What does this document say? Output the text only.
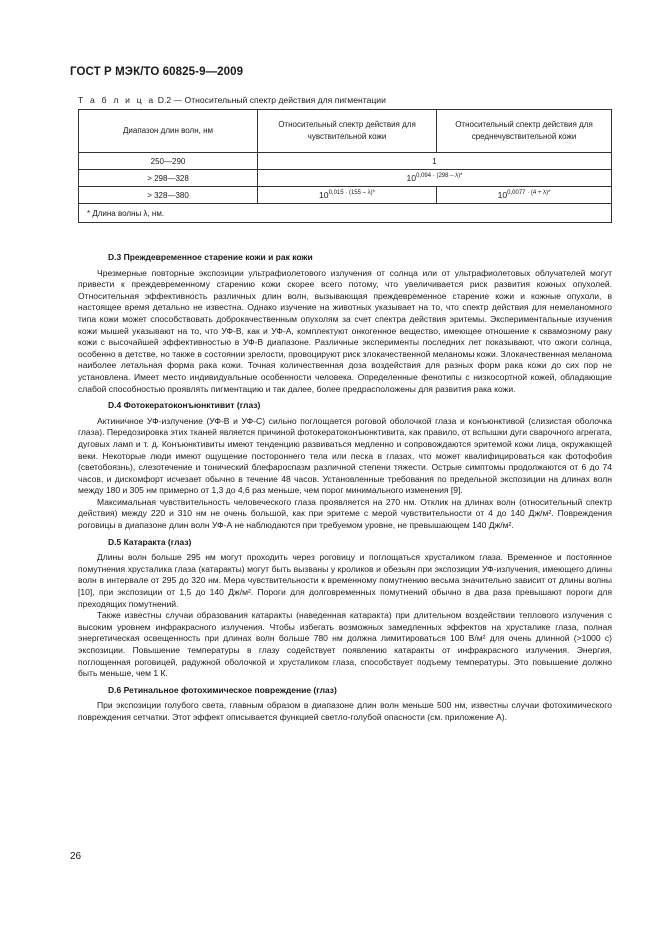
ГОСТ Р МЭК/ТО 60825-9—2009
Т а б л и ц а D.2 — Относительный спектр действия для пигментации
Диапазон длин волн, нм	Относительный спектр действия для чувствительной кожи	Относительный спектр действия для среднечувствительной кожи
250—290	1	
> 298—328	$10^{0,094 \cdot (298 - \lambda)*}$
> 328—380	$10^{0,015 \cdot (155 - \lambda)*}$	$10^{0,0077 \cdot (4 + \lambda)*}$
* Длина волны λ, нм.		
D.3 Преждевременное старение кожи и рак кожи

Чрезмерные повторные экспозиции ультрафиолетового излучения от солнца или от ультрафиолетовых облучателей могут привести к преждевременному старению кожи скорее всего потому, что увеличивается риск развития кожных опухолей. Относительная эффективность различных длин волн, вызывающая преждевременное старение кожи и кожные опухоли, в настоящее время детально не известна. Однако изучение на животных указывает на то, что спектр действия для немеланомного типа кожи может способствовать доброкачественным опухолям за счет спектра действия эритемы. Экспериментальные изучения кожи мышей указывают на то, что УФ-В, как и УФ-А, комплектуют онкогенное вещество, имеющее отношение к сквамозному раку кожи с высочайшей эффективностью в УФ-В диапазоне. Различные эксперименты последних лет показывают, что ожоги солнца, особенно в детстве, но также в состоянии зрелости, провоцируют риск злокачественной меланомы кожи. Злокачественная меланома наиболее летальная форма рака кожи. Точная количественная доза воздействия для разных форм рака кожи до сих пор не установлена. Имеет место индивидуальные особенности человека. Определенные фенотипы с низкосортной кожей, обладающие слабой способностью проявлять пигментацию и так далее, более предрасположены для развития рака кожи.

D.4 Фотокератоконъюнктивит (глаз)

Актиничное УФ-излучение (УФ-В и УФ-С) сильно поглощается роговой оболочкой глаза и конъюнктивой (слизистая оболочка глаза). Передозировка этих тканей является причиной фотокератоконъюнктивита, как правило, от вспышки дуги сварочного агрегата, дуговых ламп и т. д. Конъюнктивиты имеют тенденцию развиваться медленно и сопровождаются эритемой кожи лица, окружающей веки. Некоторые люди имеют ощущение постороннего тела или песка в глазах, что может квалифицироваться как фотофобия (светобоязнь), слезотечение и тонический блефароспазм различной степени тяжести. Острые симптомы продолжаются от 6 до 74 часов, и дискомфорт исчезает обычно в течение 48 часов. Установленные требования по предельной экспозиции на длинах волн между 180 и 305 нм примерно от 1,3 до 4,6 раз меньше, чем порог минимального изменения [9].

Максимальная чувствительность человеческого глаза проявляется на 270 нм. Отклик на длинах волн (относительный спектр действия) между 220 и 310 нм не очень большой, как при эритеме с мерой чувствительности от 4 до 140 Дж/м². Повреждения роговицы в диапазоне длин волн УФ-А не наблюдаются при требуемом уровне, не превышающем 140 Дж/м².

D.5 Катаракта (глаз)

Длины волн больше 295 нм могут проходить через роговицу и поглощаться хрусталиком глаза. Временное и постоянное помутнения хрусталика глаза (катаракты) могут быть вызваны у кроликов и обезьян при экспозиции УФ-излучения, имеющего длины волн в интервале от 295 до 320 нм. Мера чувствительности к временному помутнению весьма значительно зависит от длины волны [10], при экспозиции от 1,5 до 140 Дж/м². Пороги для долговременных помутнений обычно в два раза превышают пороги для преходящих помутнений.

Также известны случаи образования катаракты (наведенная катаракта) при длительном воздействии теплового излучения с высоким уровнем инфракрасного излучения. Чтобы избегать возможных замедленных эффектов на хрусталике глаза, полная энергетическая освещенность при длинах волн больше 780 нм должна лимитироваться 100 В/м² для очень длинной (>1000 с) экспозиции. Повышение температуры в глазу содействует появлению катаракты от инфракрасного излучения. Энергия, поглощенная роговицей, радужной оболочкой и хрусталиком глаза, способствует подъему температуры. Это повышение должно быть меньше, чем 1 К.

D.6 Ретинальное фотохимическое повреждение (глаз)

При экспозиции голубого света, главным образом в диапазоне длин волн меньше 500 нм, известны случаи фотохимического повреждения сетчатки. Этот эффект описывается функцией светло-голубой опасности (см. приложение А).

26
